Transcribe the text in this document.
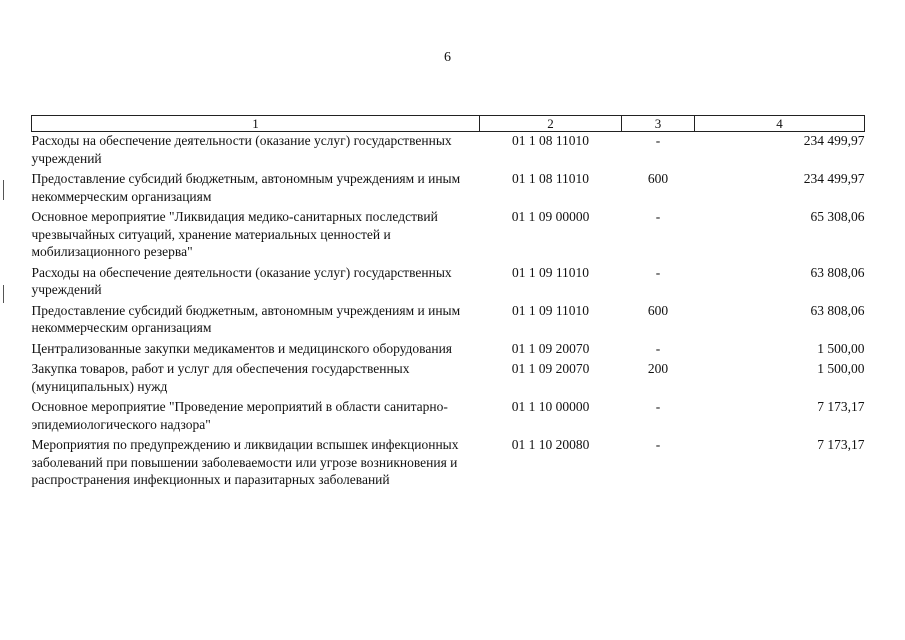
6
1	2	3	4
Расходы на обеспечение деятельности (оказание услуг) государственных учреждений	01 1 08 11010	-	234 499,97
Предоставление субсидий бюджетным, автономным учреждениям и иным некоммерческим организациям	01 1 08 11010	600	234 499,97
Основное мероприятие "Ликвидация медико-санитарных последствий чрезвычайных ситуаций, хранение материальных ценностей и мобилизационного резерва"	01 1 09 00000	-	65 308,06
Расходы на обеспечение деятельности (оказание услуг) государственных учреждений	01 1 09 11010	-	63 808,06
Предоставление субсидий бюджетным, автономным учреждениям и иным некоммерческим организациям	01 1 09 11010	600	63 808,06
Централизованные закупки медикаментов и медицинского оборудования	01 1 09 20070	-	1 500,00
Закупка товаров, работ и услуг для обеспечения государственных (муниципальных) нужд	01 1 09 20070	200	1 500,00
Основное мероприятие "Проведение мероприятий в области санитарно-эпидемиологического надзора"	01 1 10 00000	-	7 173,17
Мероприятия по предупреждению и ликвидации вспышек инфекционных заболеваний при повышении заболеваемости или угрозе возникновения и распространения инфекционных и паразитарных заболеваний	01 1 10 20080	-	7 173,17
